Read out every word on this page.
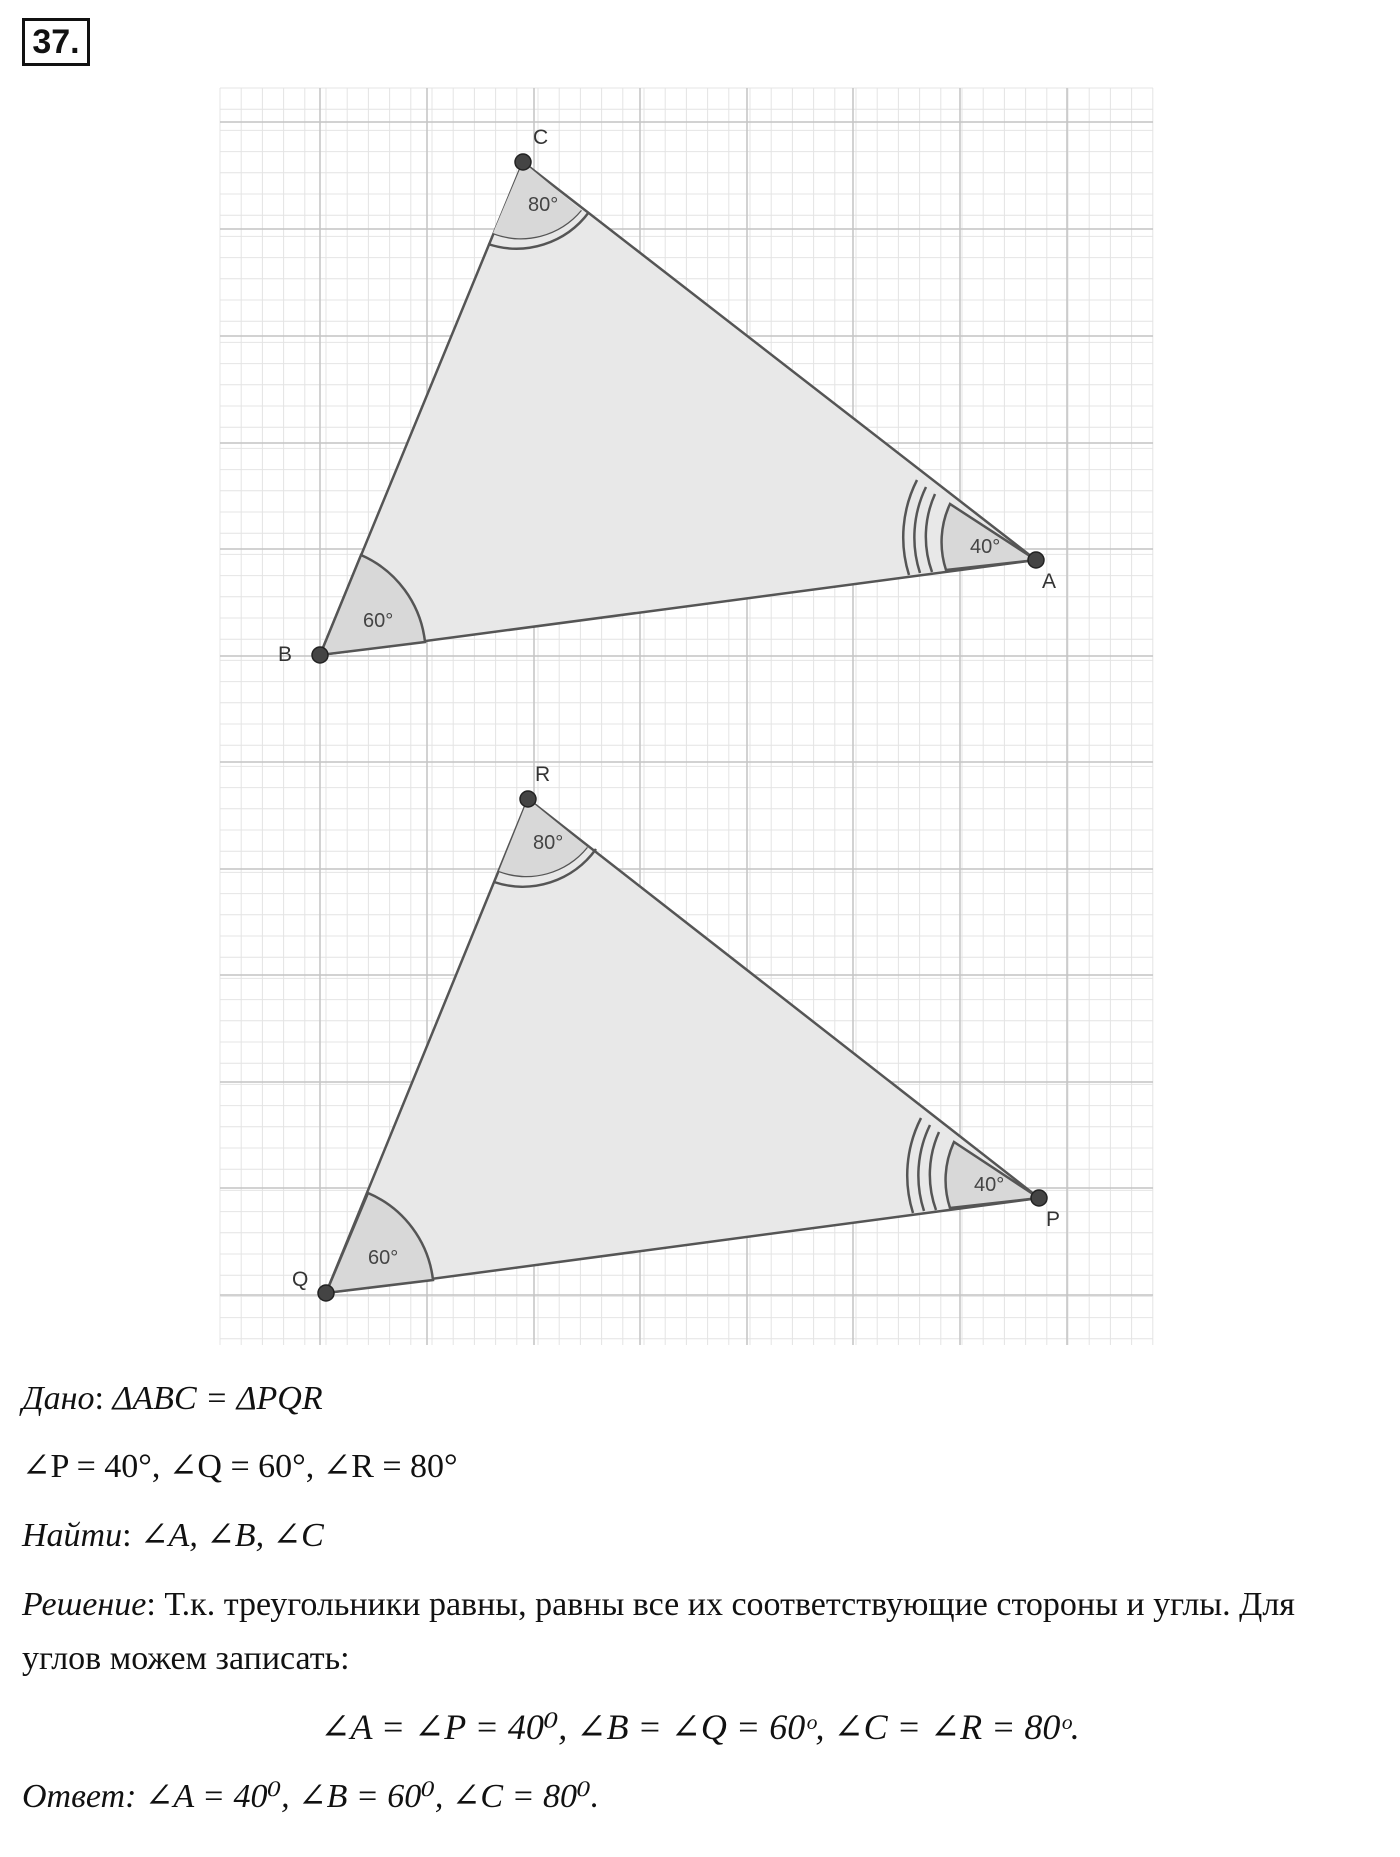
37.
A
B
C
40°
60°
80°
P
Q
R
40°
60°
80°
Дано: ΔABC = ΔPQR
∠P = 40°, ∠Q = 60°, ∠R = 80°
Найти: ∠A, ∠B, ∠C
Решение: Т.к. треугольники равны, равны все их соответствующие стороны и углы. Для углов можем записать:
∠A = ∠P = 40⁰, ∠B = ∠Q = 60ᵒ, ∠C = ∠R = 80ᵒ.
Ответ: ∠A = 40⁰, ∠B = 60⁰, ∠C = 80⁰.
